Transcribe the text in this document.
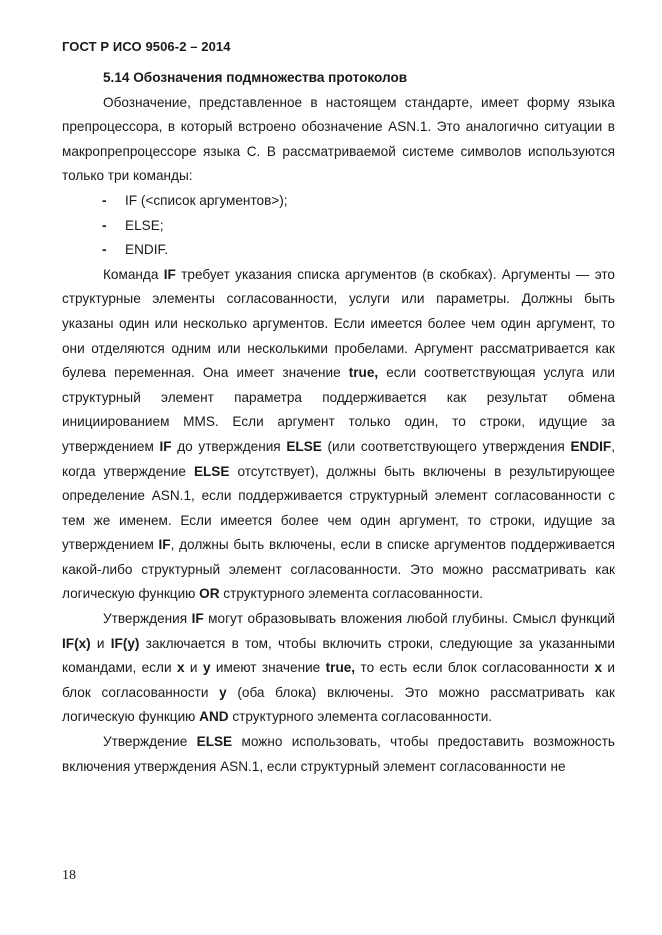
ГОСТ Р ИСО 9506-2 – 2014
5.14 Обозначения подмножества протоколов

Обозначение, представленное в настоящем стандарте, имеет форму языка препроцессора, в который встроено обозначение ASN.1. Это аналогично ситуации в макропрепроцессоре языка С. В рассматриваемой системе символов используются только три команды:

- IF (<список аргументов>);
- ELSE;
- ENDIF.

Команда IF требует указания списка аргументов (в скобках). Аргументы — это структурные элементы согласованности, услуги или параметры. Должны быть указаны один или несколько аргументов. Если имеется более чем один аргумент, то они отделяются одним или несколькими пробелами. Аргумент рассматривается как булева переменная. Она имеет значение true, если соответствующая услуга или структурный элемент параметра поддерживается как результат обмена инициированием MMS. Если аргумент только один, то строки, идущие за утверждением IF до утверждения ELSE (или соответствующего утверждения ENDIF, когда утверждение ELSE отсутствует), должны быть включены в результирующее определение ASN.1, если поддерживается структурный элемент согласованности с тем же именем. Если имеется более чем один аргумент, то строки, идущие за утверждением IF, должны быть включены, если в списке аргументов поддерживается какой-либо структурный элемент согласованности. Это можно рассматривать как логическую функцию OR структурного элемента согласованности.

Утверждения IF могут образовывать вложения любой глубины. Смысл функций IF(x) и IF(y) заключается в том, чтобы включить строки, следующие за указанными командами, если x и y имеют значение true, то есть если блок согласованности x и блок согласованности y (оба блока) включены. Это можно рассматривать как логическую функцию AND структурного элемента согласованности.

Утверждение ELSE можно использовать, чтобы предоставить возможность включения утверждения ASN.1, если структурный элемент согласованности не

18
